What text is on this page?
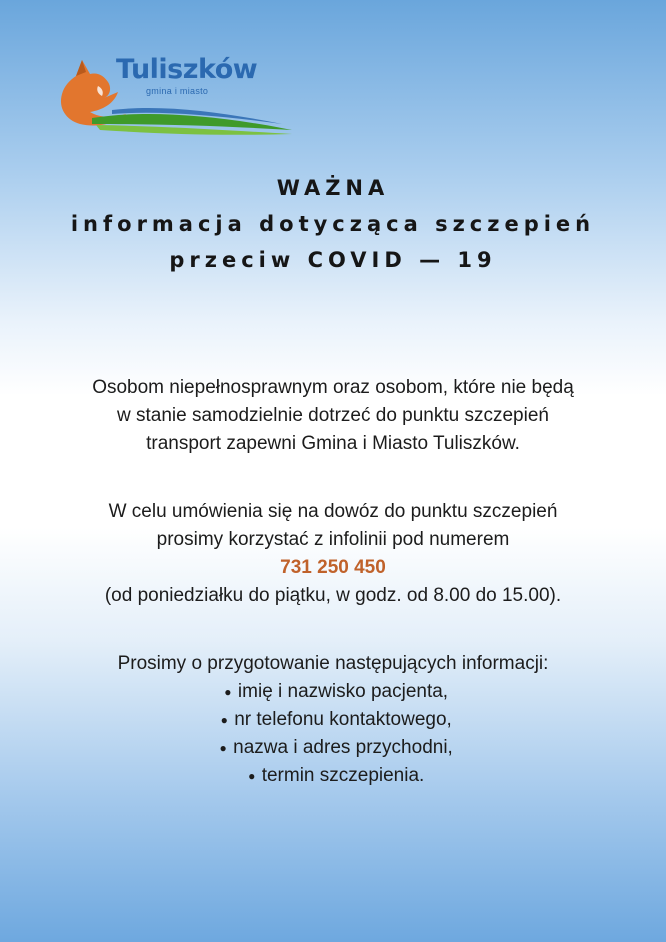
Tuliszków
gmina i miasto
WAŻNA
informacja dotycząca szczepień
przeciw COVID — 19
Osobom niepełnosprawnym oraz osobom, które nie będą
w stanie samodzielnie dotrzeć do punktu szczepień
transport zapewni Gmina i Miasto Tuliszków.
W celu umówienia się na dowóz do punktu szczepień
prosimy korzystać z infolinii pod numerem
731 250 450
(od poniedziałku do piątku, w godz. od 8.00 do 15.00).
Prosimy o przygotowanie następujących informacji:
● imię i nazwisko pacjenta,
● nr telefonu kontaktowego,
● nazwa i adres przychodni,
● termin szczepienia.
